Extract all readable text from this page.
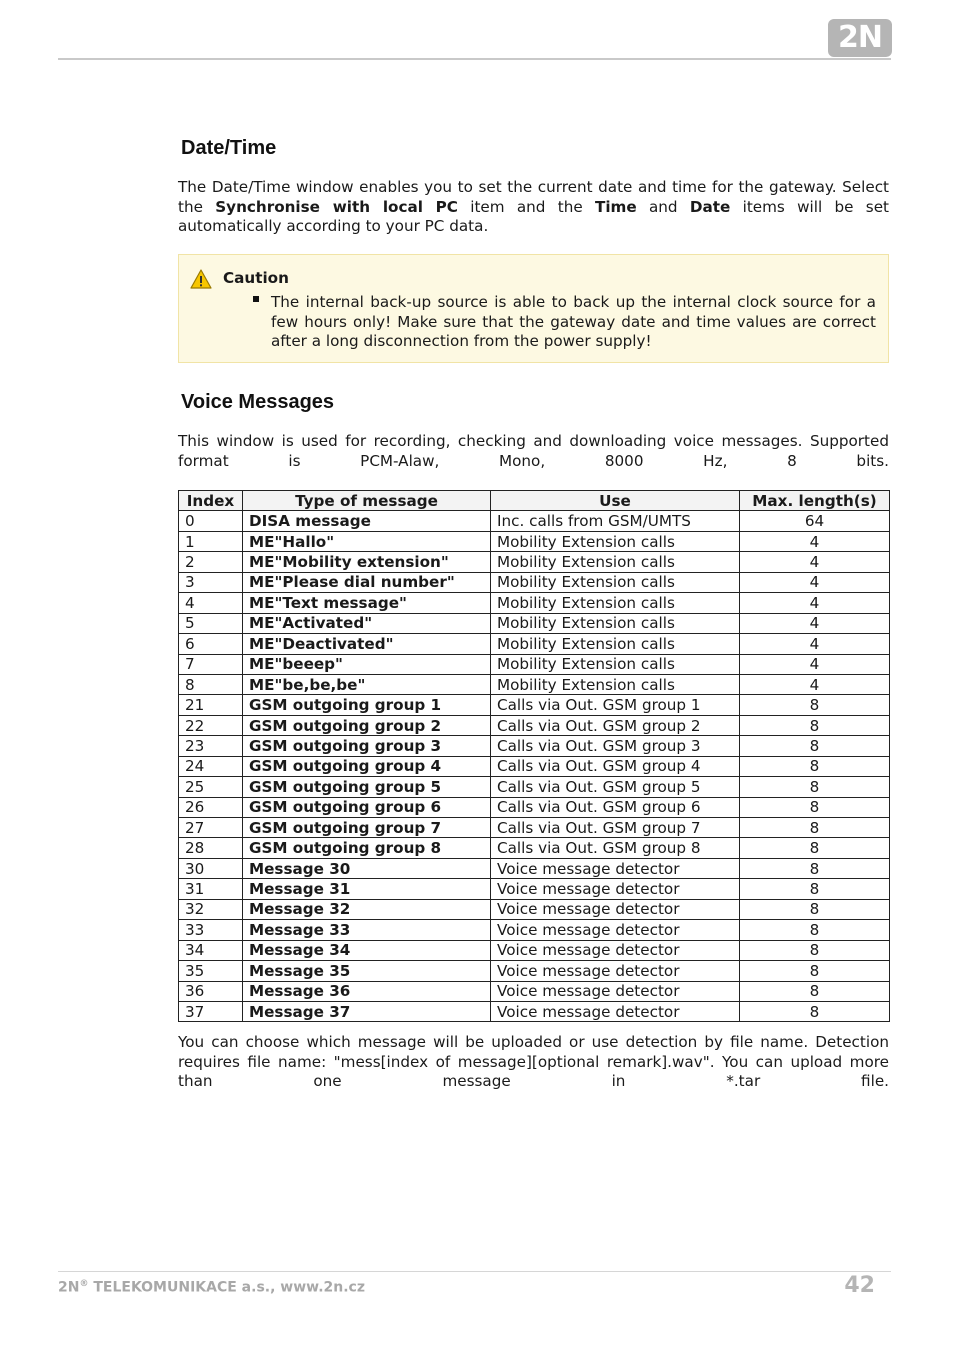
2N
Date/Time

The Date/Time window enables you to set the current date and time for the gateway. Select the Synchronise with local PC item and the Time and Date items will be set automatically according to your PC data.

Caution
The internal back-up source is able to back up the internal clock source for a few hours only! Make sure that the gateway date and time values are correct after a long disconnection from the power supply!
Voice Messages

This window is used for recording, checking and downloading voice messages. Supported format is PCM-Alaw, Mono, 8000 Hz, 8 bits.

Index	Type of message	Use	Max. length(s)
0	DISA message	Inc. calls from GSM/UMTS	64
1	ME"Hallo"	Mobility Extension calls	4
2	ME"Mobility extension"	Mobility Extension calls	4
3	ME"Please dial number"	Mobility Extension calls	4
4	ME"Text message"	Mobility Extension calls	4
5	ME"Activated"	Mobility Extension calls	4
6	ME"Deactivated"	Mobility Extension calls	4
7	ME"beeep"	Mobility Extension calls	4
8	ME"be,be,be"	Mobility Extension calls	4
21	GSM outgoing group 1	Calls via Out. GSM group 1	8
22	GSM outgoing group 2	Calls via Out. GSM group 2	8
23	GSM outgoing group 3	Calls via Out. GSM group 3	8
24	GSM outgoing group 4	Calls via Out. GSM group 4	8
25	GSM outgoing group 5	Calls via Out. GSM group 5	8
26	GSM outgoing group 6	Calls via Out. GSM group 6	8
27	GSM outgoing group 7	Calls via Out. GSM group 7	8
28	GSM outgoing group 8	Calls via Out. GSM group 8	8
30	Message 30	Voice message detector	8
31	Message 31	Voice message detector	8
32	Message 32	Voice message detector	8
33	Message 33	Voice message detector	8
34	Message 34	Voice message detector	8
35	Message 35	Voice message detector	8
36	Message 36	Voice message detector	8
37	Message 37	Voice message detector	8

You can choose which message will be uploaded or use detection by file name. Detection requires file name: "mess[index of message][optional remark].wav". You can upload more than one message in *.tar file.

2N® TELEKOMUNIKACE a.s., www.2n.cz	42
